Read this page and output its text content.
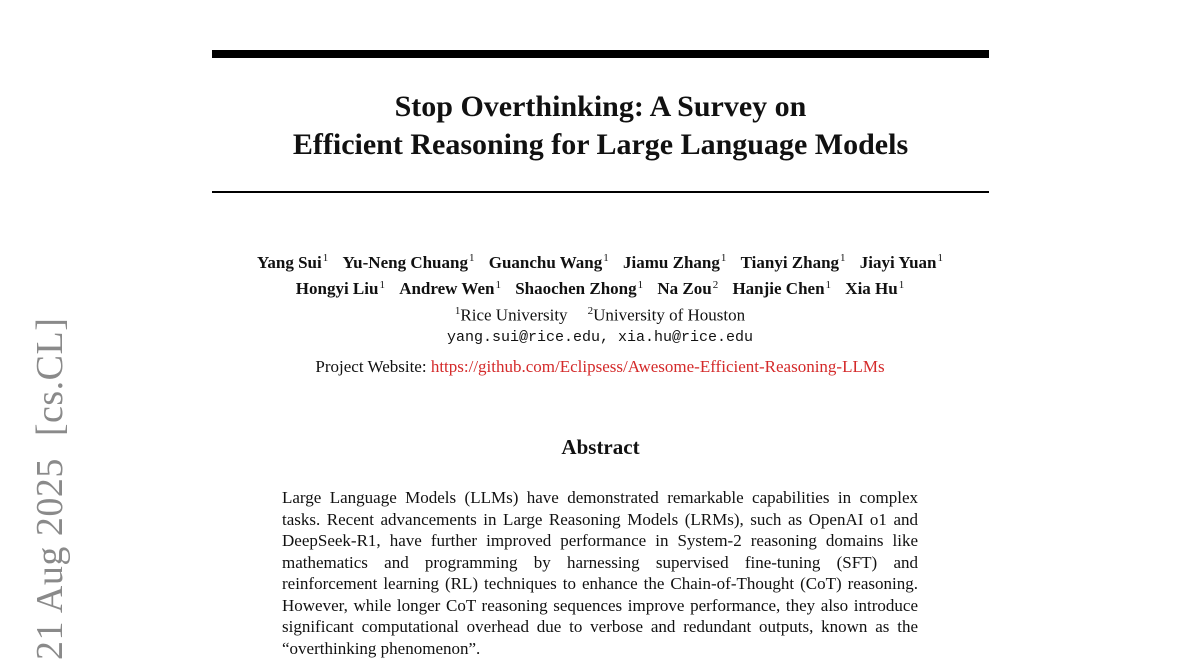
Stop Overthinking: A Survey on
Efficient Reasoning for Large Language Models
Yang Sui$^1$ Yu-Neng Chuang$^1$ Guanchu Wang$^1$ Jiamu Zhang$^1$ Tianyi Zhang$^1$ Jiayi Yuan$^1$
Hongyi Liu$^1$ Andrew Wen$^1$ Shaochen Zhong$^1$ Na Zou$^2$ Hanjie Chen$^1$ Xia Hu$^1$
$^1$Rice University $^2$University of Houston
yang.sui@rice.edu, xia.hu@rice.edu
Project Website: https://github.com/Eclipsess/Awesome-Efficient-Reasoning-LLMs
Abstract

Large Language Models (LLMs) have demonstrated remarkable capabilities in complex tasks. Recent advancements in Large Reasoning Models (LRMs), such as OpenAI o1 and DeepSeek-R1, have further improved performance in System-2 reasoning domains like mathematics and programming by harnessing supervised fine-tuning (SFT) and reinforcement learning (RL) techniques to enhance the Chain-of-Thought (CoT) reasoning. However, while longer CoT reasoning sequences improve performance, they also introduce significant computational overhead due to verbose and redundant outputs, known as the “overthinking phenomenon”.

21 Aug 2025[cs.CL]
